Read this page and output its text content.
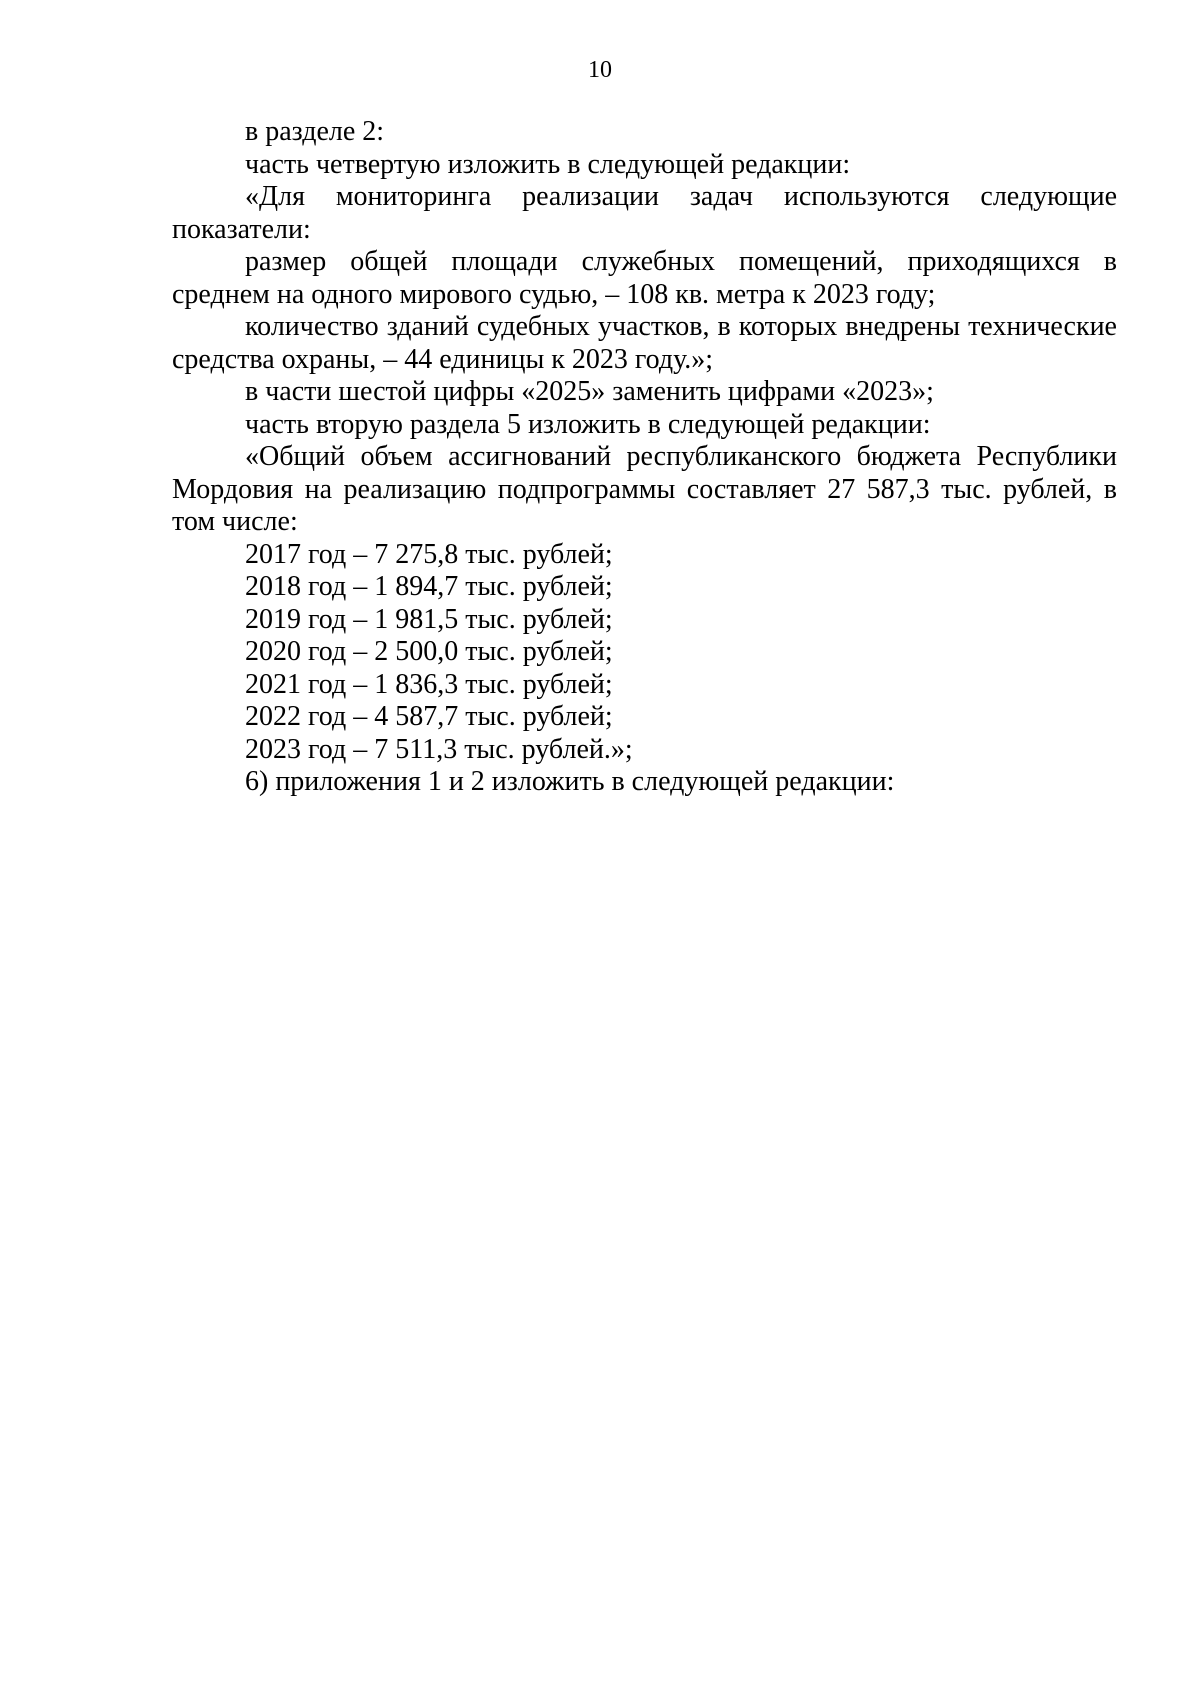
10

в разделе 2:

часть четвертую изложить в следующей редакции:

«Для мониторинга реализации задач используются следующие показатели:

размер общей площади служебных помещений, приходящихся в среднем на одного мирового судью, – 108 кв. метра к 2023 году;

количество зданий судебных участков, в которых внедрены технические средства охраны, – 44 единицы к 2023 году.»;

в части шестой цифры «2025» заменить цифрами «2023»;

часть вторую раздела 5 изложить в следующей редакции:

«Общий объем ассигнований республиканского бюджета Республики Мордовия на реализацию подпрограммы составляет 27 587,3 тыс. рублей, в том числе:

2017 год – 7 275,8 тыс. рублей;

2018 год – 1 894,7 тыс. рублей;

2019 год – 1 981,5 тыс. рублей;

2020 год – 2 500,0 тыс. рублей;

2021 год – 1 836,3 тыс. рублей;

2022 год – 4 587,7 тыс. рублей;

2023 год – 7 511,3 тыс. рублей.»;

6) приложения 1 и 2 изложить в следующей редакции:
